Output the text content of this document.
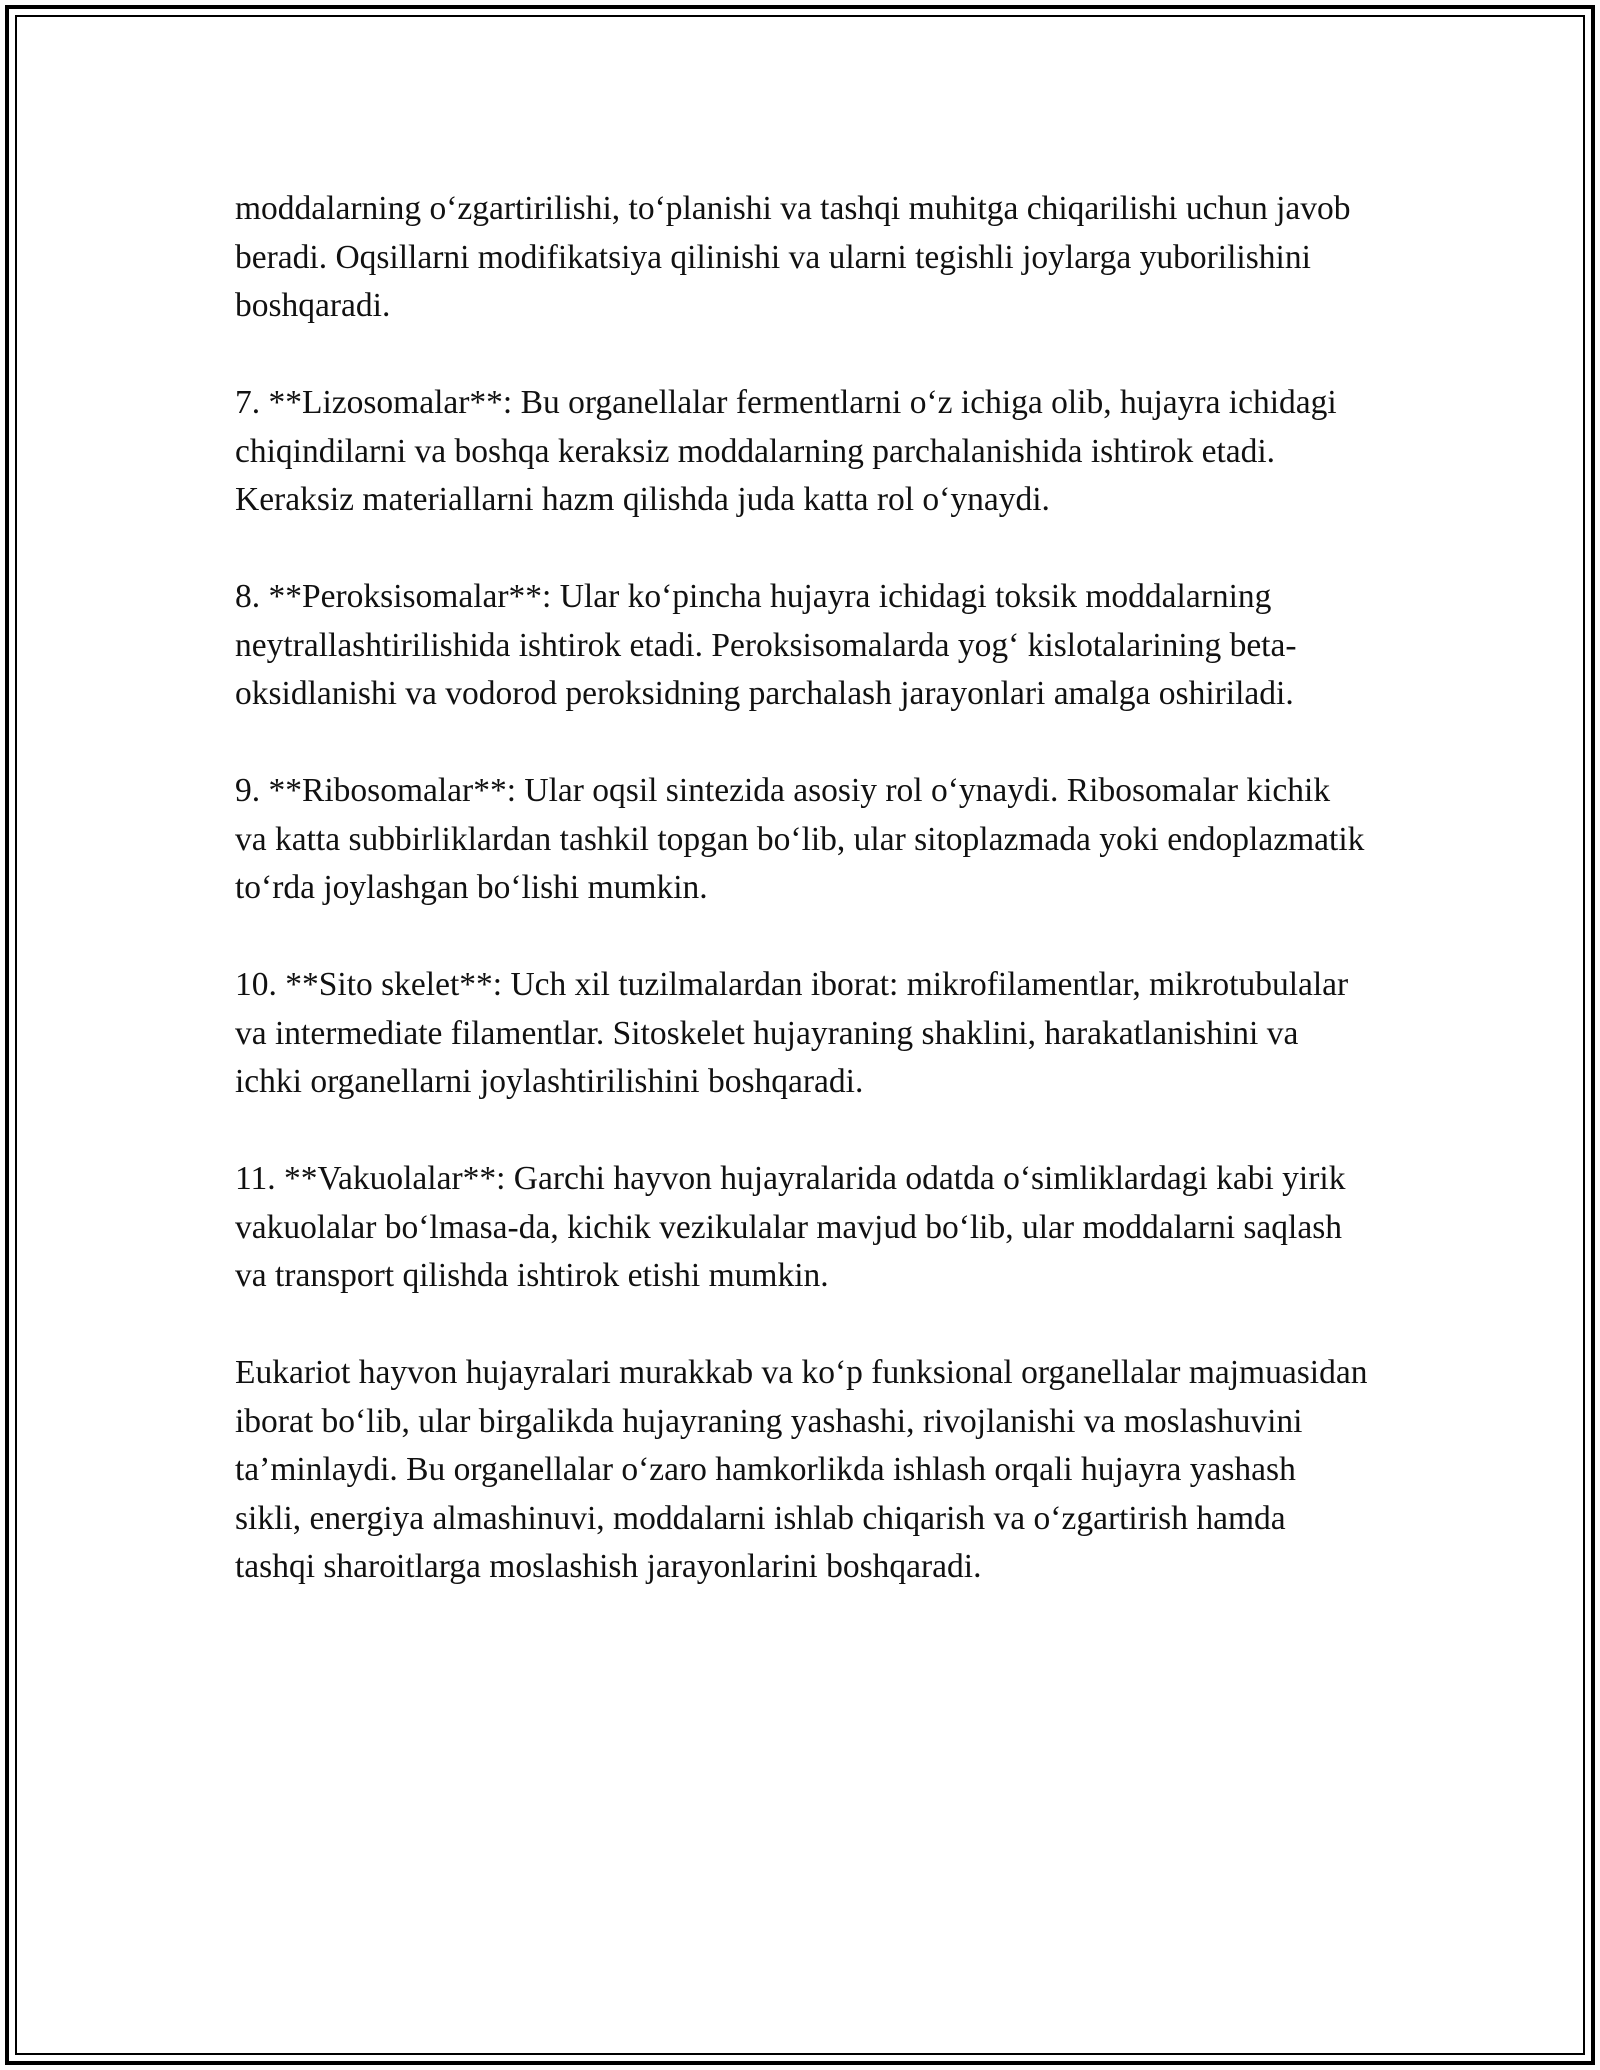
moddalarning o‘zgartirilishi, to‘planishi va tashqi muhitga chiqarilishi uchun javob beradi. Oqsillarni modifikatsiya qilinishi va ularni tegishli joylarga yuborilishini boshqaradi.

7. **Lizosomalar**: Bu organellalar fermentlarni o‘z ichiga olib, hujayra ichidagi chiqindilarni va boshqa keraksiz moddalarning parchalanishida ishtirok etadi. Keraksiz materiallarni hazm qilishda juda katta rol o‘ynaydi.

8. **Peroksisomalar**: Ular ko‘pincha hujayra ichidagi toksik moddalarning neytrallashtirilishida ishtirok etadi. Peroksisomalarda yog‘ kislotalarining beta-oksidlanishi va vodorod peroksidning parchalash jarayonlari amalga oshiriladi.

9. **Ribosomalar**: Ular oqsil sintezida asosiy rol o‘ynaydi. Ribosomalar kichik va katta subbirliklardan tashkil topgan bo‘lib, ular sitoplazmada yoki endoplazmatik to‘rda joylashgan bo‘lishi mumkin.

10. **Sito skelet**: Uch xil tuzilmalardan iborat: mikrofilamentlar, mikrotubulalar va intermediate filamentlar. Sitoskelet hujayraning shaklini, harakatlanishini va ichki organellarni joylashtirilishini boshqaradi.

11. **Vakuolalar**: Garchi hayvon hujayralarida odatda o‘simliklardagi kabi yirik vakuolalar bo‘lmasa-da, kichik vezikulalar mavjud bo‘lib, ular moddalarni saqlash va transport qilishda ishtirok etishi mumkin.

Eukariot hayvon hujayralari murakkab va ko‘p funksional organellalar majmuasidan iborat bo‘lib, ular birgalikda hujayraning yashashi, rivojlanishi va moslashuvini ta’minlaydi. Bu organellalar o‘zaro hamkorlikda ishlash orqali hujayra yashash sikli, energiya almashinuvi, moddalarni ishlab chiqarish va o‘zgartirish hamda tashqi sharoitlarga moslashish jarayonlarini boshqaradi.
